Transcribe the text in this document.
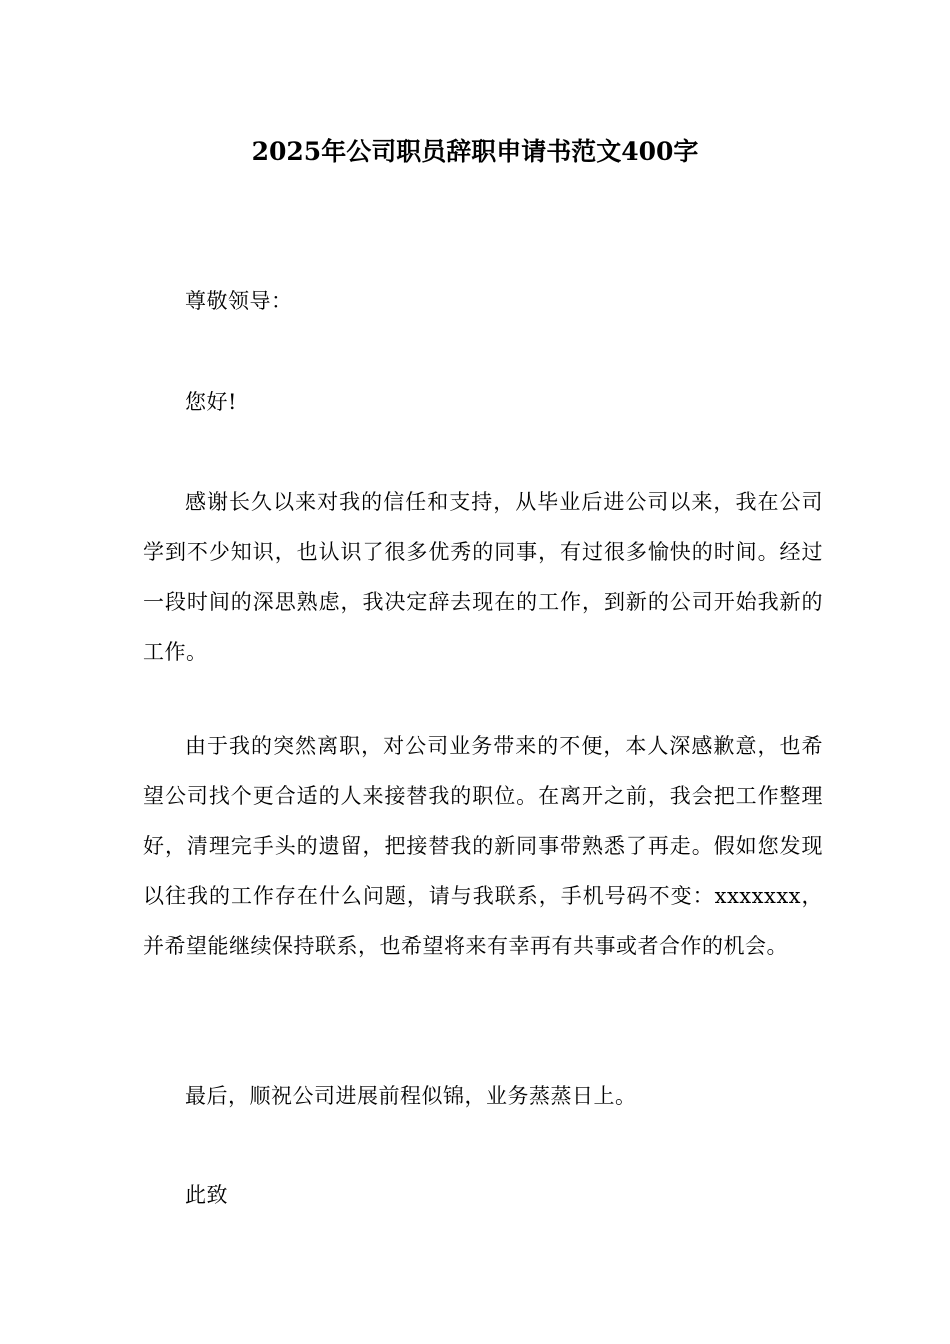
2025年公司职员辞职申请书范文400字

尊敬领导：

您好!

感谢长久以来对我的信任和支持，从毕业后进公司以来，我在公司学到不少知识，也认识了很多优秀的同事，有过很多愉快的时间。经过一段时间的深思熟虑，我决定辞去现在的工作，到新的公司开始我新的工作。

由于我的突然离职，对公司业务带来的不便，本人深感歉意，也希望公司找个更合适的人来接替我的职位。在离开之前，我会把工作整理好，清理完手头的遗留，把接替我的新同事带熟悉了再走。假如您发现以往我的工作存在什么问题，请与我联系，手机号码不变：xxxxxxx，并希望能继续保持联系，也希望将来有幸再有共事或者合作的机会。

最后，顺祝公司进展前程似锦，业务蒸蒸日上。

此致
